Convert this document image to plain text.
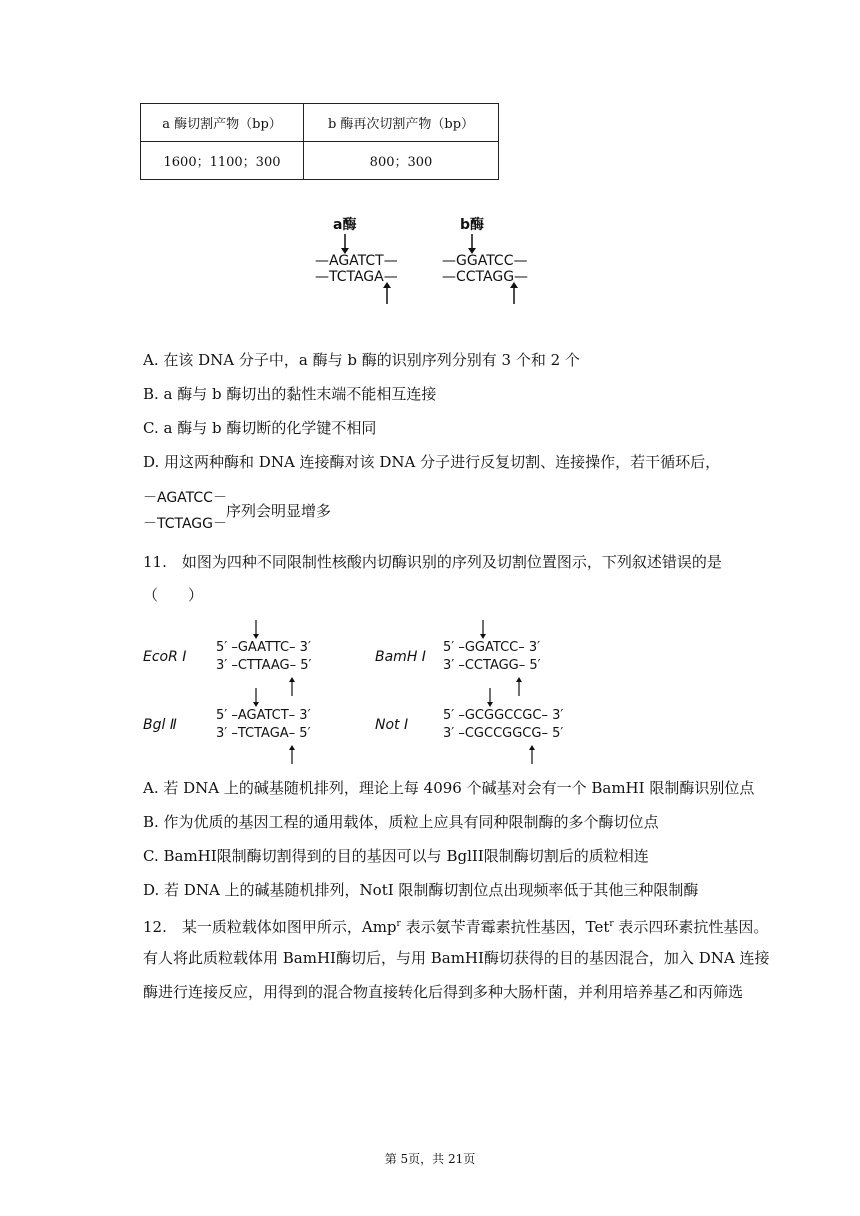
a 酶切割产物（bp）	b 酶再次切割产物（bp）
1600；1100；300	800；300
a酶	b酶
—AGATCT—
—TCTAGA—
—GGATCC—
—CCTAGG—
A. 在该 DNA 分子中，a 酶与 b 酶的识别序列分别有 3 个和 2 个
B. a 酶与 b 酶切出的黏性末端不能相互连接
C. a 酶与 b 酶切断的化学键不相同
D. 用这两种酶和 DNA 连接酶对该 DNA 分子进行反复切割、连接操作，若干循环后，
－AGATCC－
－TCTAGG－
序列会明显增多
11.　如图为四种不同限制性核酸内切酶识别的序列及切割位置图示，下列叙述错误的是
（　　）
EcoR Ⅰ
5′ –GAATTC– 3′
3′ –CTTAAG– 5′
BamH Ⅰ
5′ –GGATCC– 3′
3′ –CCTAGG– 5′
Bgl Ⅱ
5′ –AGATCT– 3′
3′ –TCTAGA– 5′
Not Ⅰ
5′ –GCGGCCGC– 3′
3′ –CGCCGGCG– 5′
A. 若 DNA 上的碱基随机排列，理论上每 4096 个碱基对会有一个 BamHI 限制酶识别位点
B. 作为优质的基因工程的通用载体，质粒上应具有同种限制酶的多个酶切位点
C. BamHI限制酶切割得到的目的基因可以与 BglII限制酶切割后的质粒相连
D. 若 DNA 上的碱基随机排列，NotI 限制酶切割位点出现频率低于其他三种限制酶
12.　某一质粒载体如图甲所示，Amp$^r$ 表示氨苄青霉素抗性基因，Tet$^r$ 表示四环素抗性基因。
有人将此质粒载体用 BamHI酶切后，与用 BamHI酶切获得的目的基因混合，加入 DNA 连接
酶进行连接反应，用得到的混合物直接转化后得到多种大肠杆菌，并利用培养基乙和丙筛选
第 5页，共 21页
